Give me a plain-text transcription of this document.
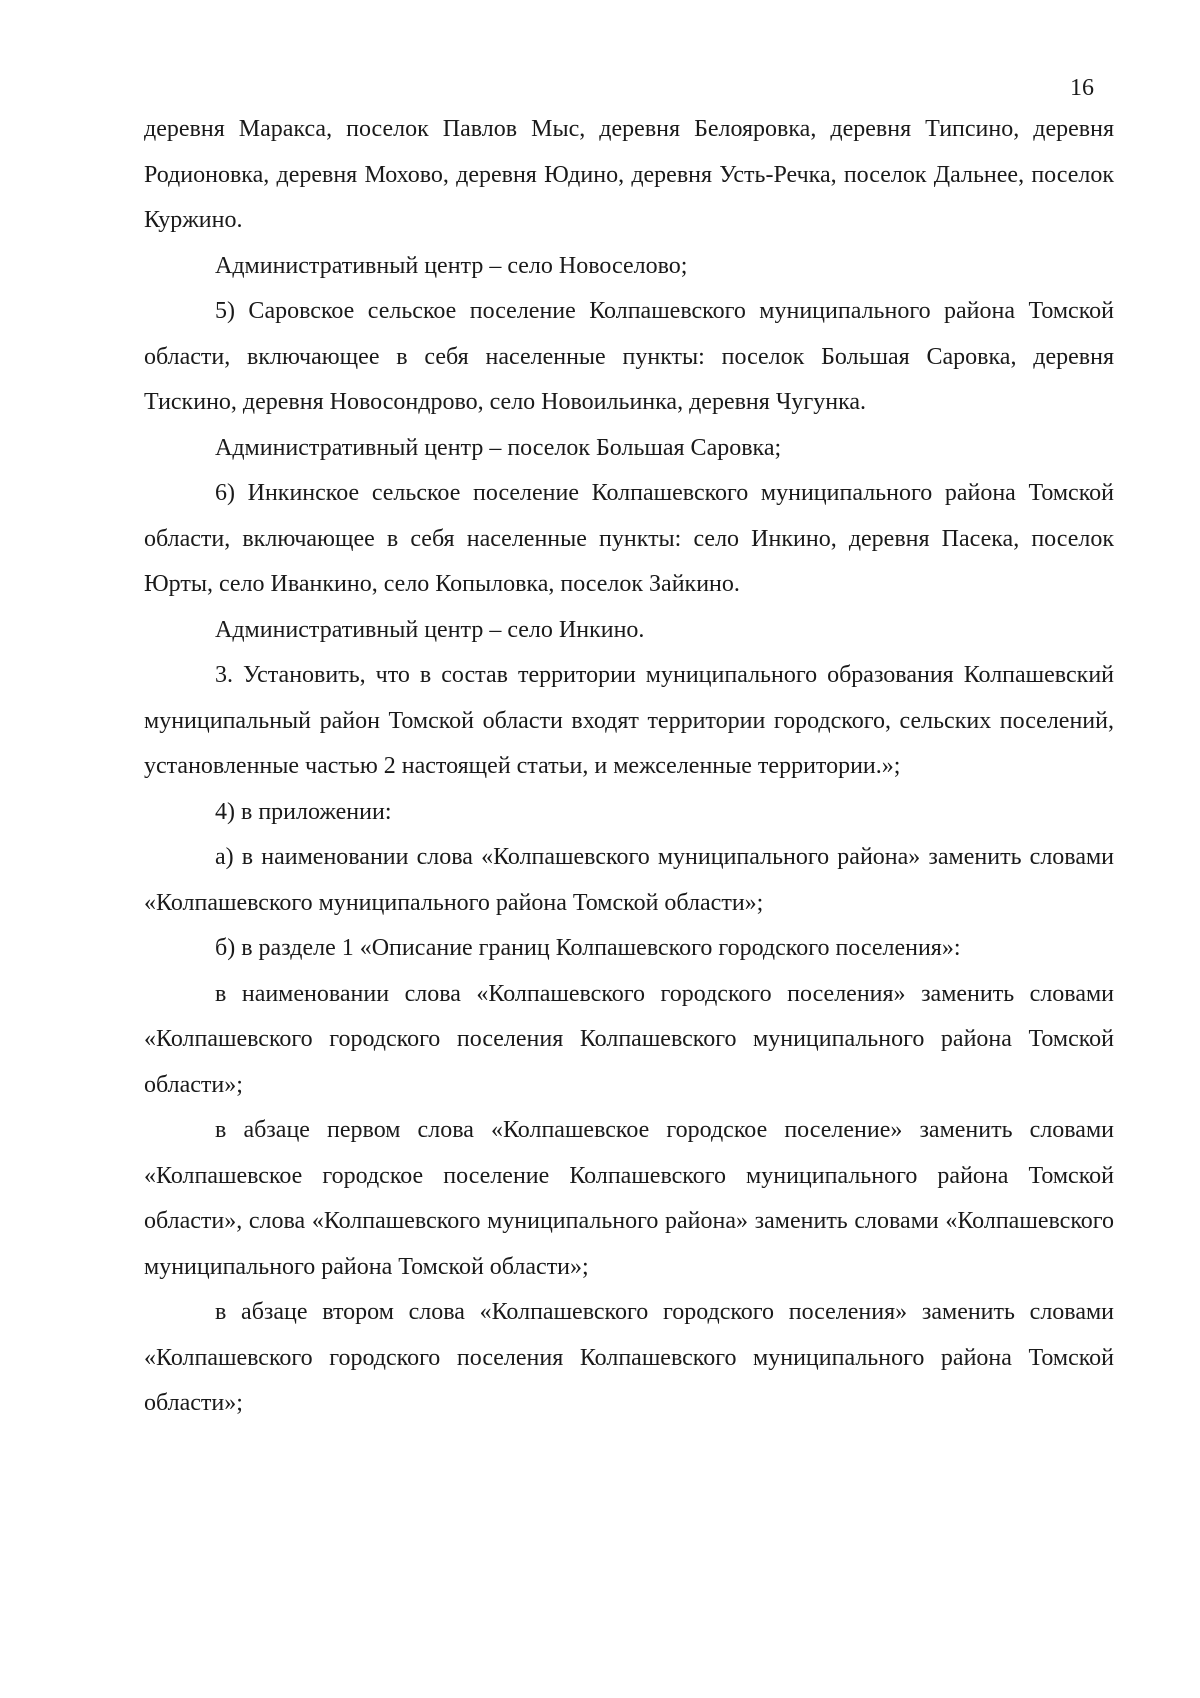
16

деревня Маракса, поселок Павлов Мыс, деревня Белояровка, деревня Типсино, деревня Родионовка, деревня Мохово, деревня Юдино, деревня Усть-Речка, поселок Дальнее, поселок Куржино.

Административный центр – село Новоселово;

5) Саровское сельское поселение Колпашевского муниципального района Томской области, включающее в себя населенные пункты: поселок Большая Саровка, деревня Тискино, деревня Новосондрово, село Новоильинка, деревня Чугунка.

Административный центр – поселок Большая Саровка;

6) Инкинское сельское поселение Колпашевского муниципального района Томской области, включающее в себя населенные пункты: село Инкино, деревня Пасека, поселок Юрты, село Иванкино, село Копыловка, поселок Зайкино.

Административный центр – село Инкино.

3. Установить, что в состав территории муниципального образования Колпашевский муниципальный район Томской области входят территории городского, сельских поселений, установленные частью 2 настоящей статьи, и межселенные территории.»;

4) в приложении:

а) в наименовании слова «Колпашевского муниципального района» заменить словами «Колпашевского муниципального района Томской области»;

б) в разделе 1 «Описание границ Колпашевского городского поселения»:

в наименовании слова «Колпашевского городского поселения» заменить словами «Колпашевского городского поселения Колпашевского муниципального района Томской области»;

в абзаце первом слова «Колпашевское городское поселение» заменить словами «Колпашевское городское поселение Колпашевского муниципального района Томской области», слова «Колпашевского муниципального района» заменить словами «Колпашевского муниципального района Томской области»;

в абзаце втором слова «Колпашевского городского поселения» заменить словами «Колпашевского городского поселения Колпашевского муниципального района Томской области»;
